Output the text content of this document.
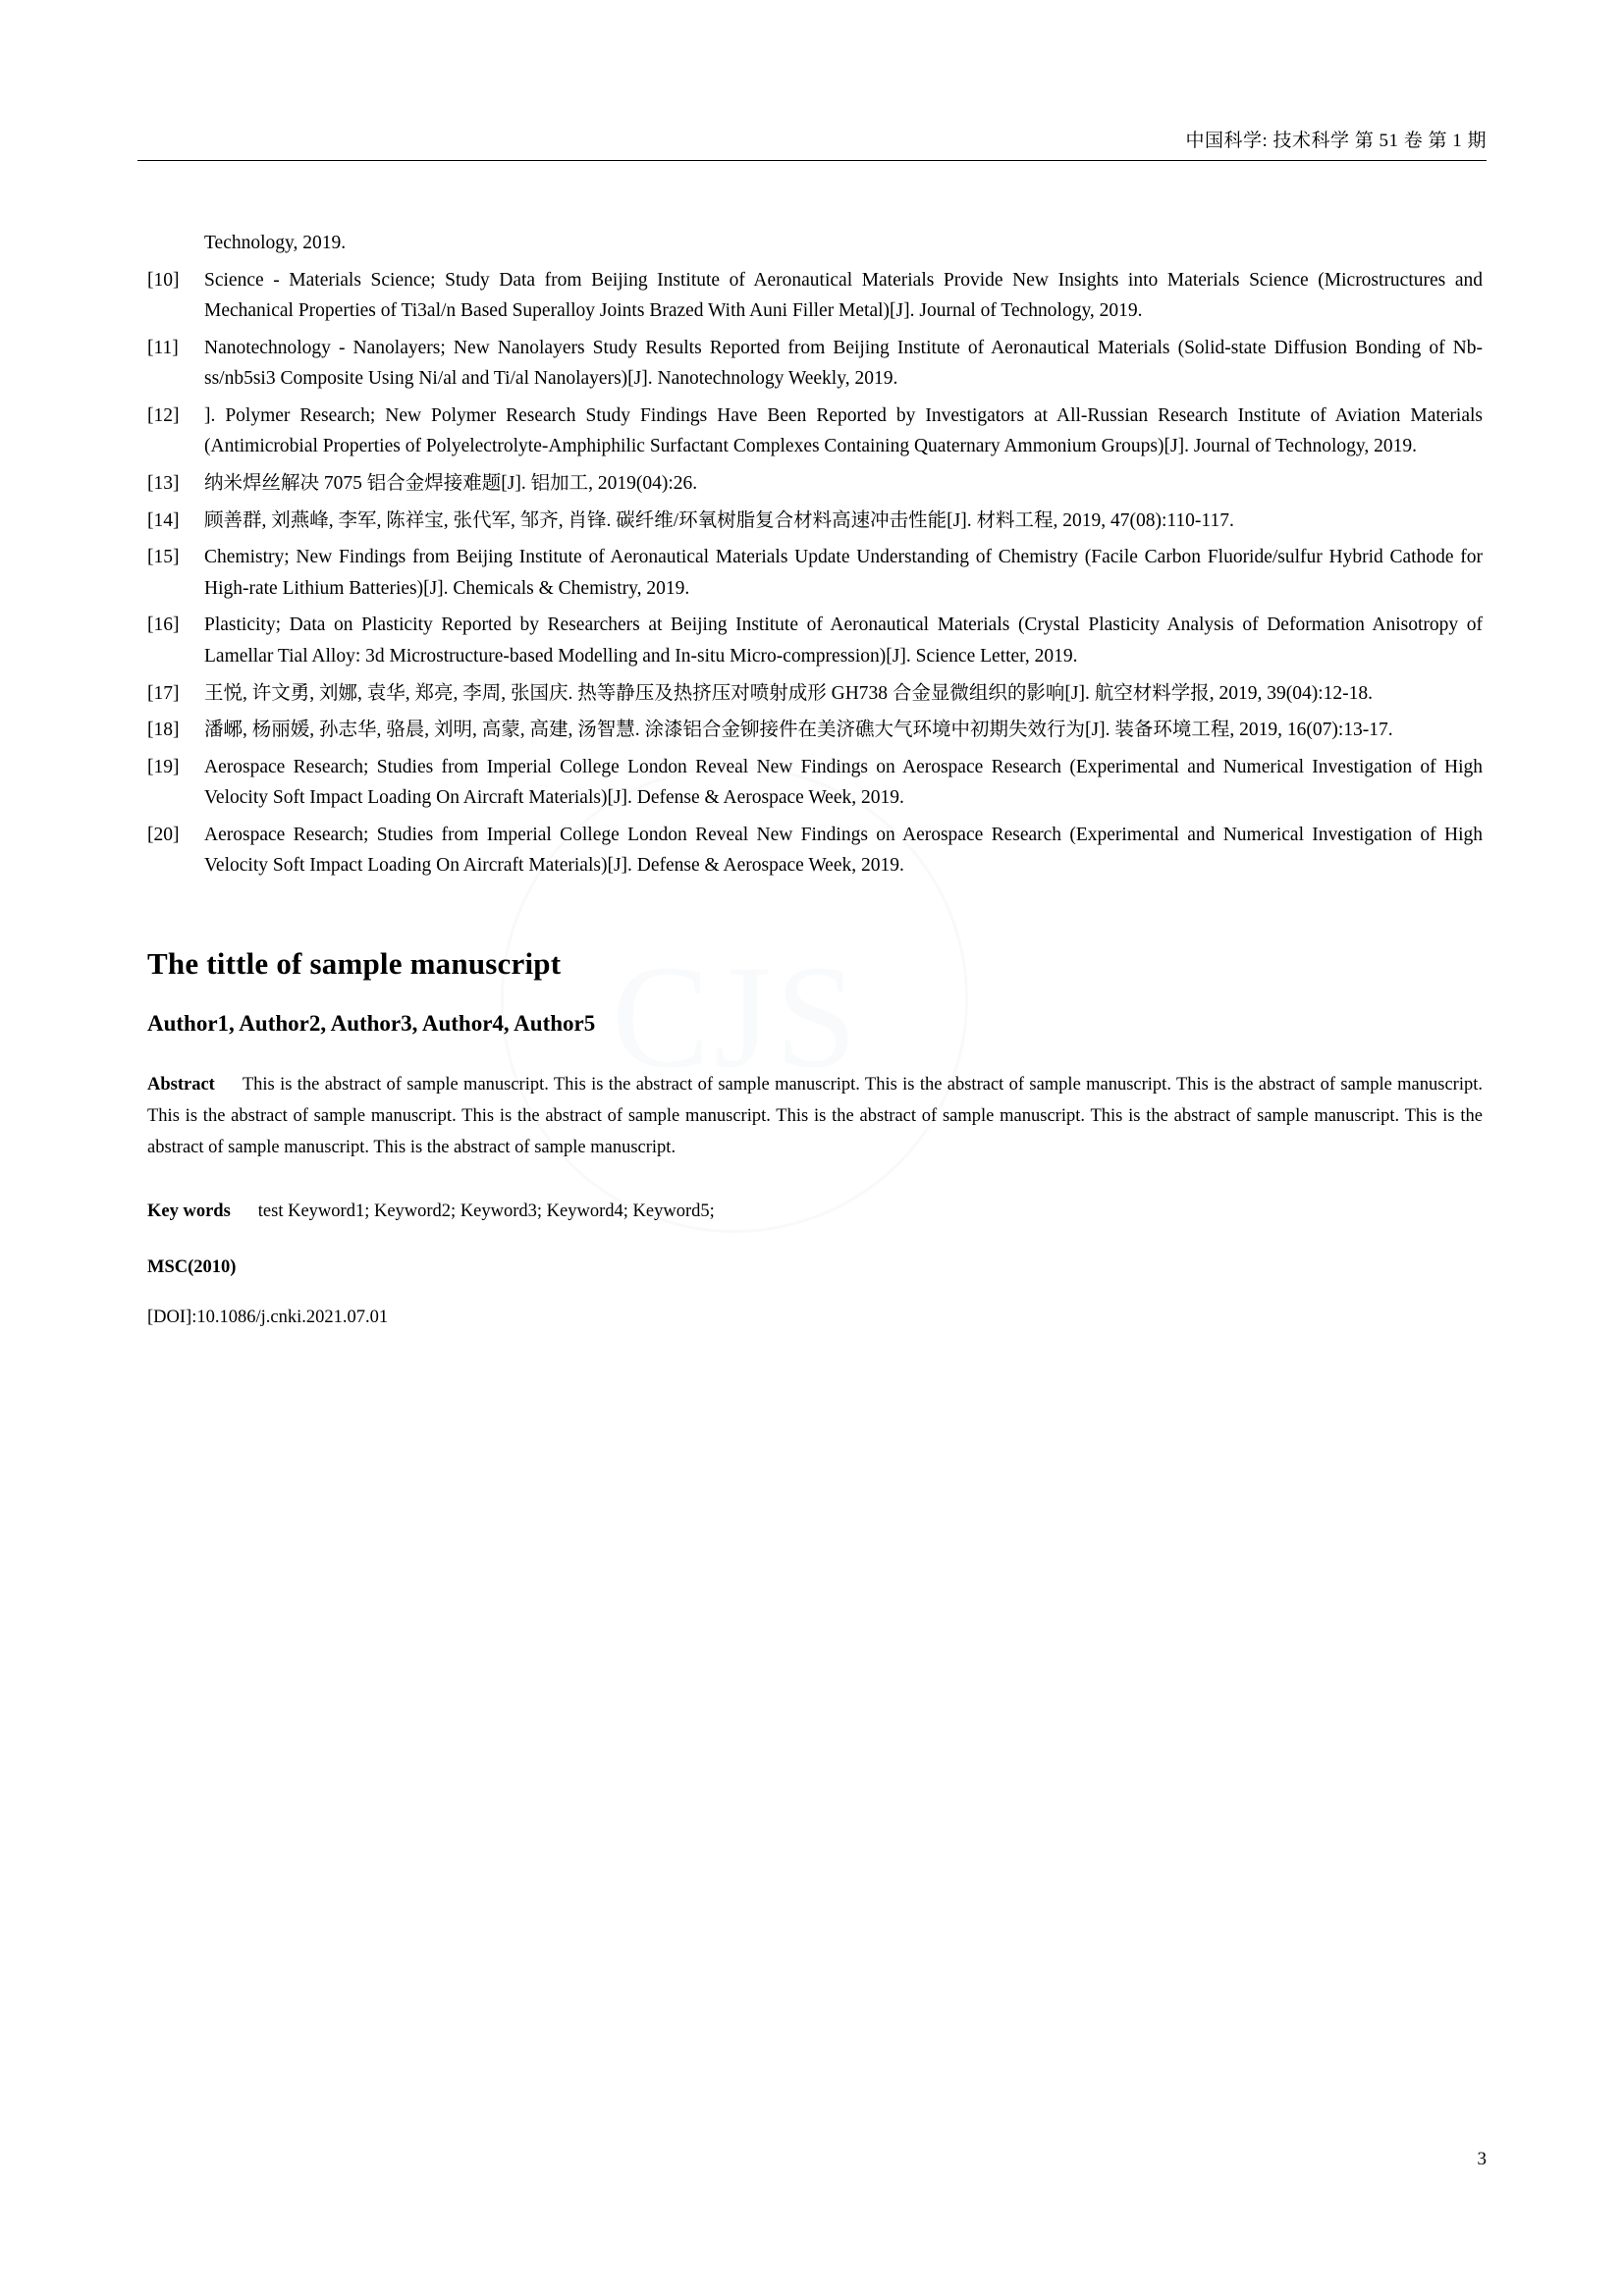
中国科学: 技术科学 第 51 卷 第 1 期
CJS
Technology, 2019.
[10]	Science - Materials Science; Study Data from Beijing Institute of Aeronautical Materials Provide New Insights into Materials Science (Microstructures and Mechanical Properties of Ti3al/n Based Superalloy Joints Brazed With Auni Filler Metal)[J]. Journal of Technology, 2019.
[11]	Nanotechnology - Nanolayers; New Nanolayers Study Results Reported from Beijing Institute of Aeronautical Materials (Solid-state Diffusion Bonding of Nb-ss/nb5si3 Composite Using Ni/al and Ti/al Nanolayers)[J]. Nanotechnology Weekly, 2019.
[12]	]. Polymer Research; New Polymer Research Study Findings Have Been Reported by Investigators at All-Russian Research Institute of Aviation Materials (Antimicrobial Properties of Polyelectrolyte-Amphiphilic Surfactant Complexes Containing Quaternary Ammonium Groups)[J]. Journal of Technology, 2019.
[13]	纳米焊丝解决 7075 铝合金焊接难题[J]. 铝加工, 2019(04):26.
[14]	顾善群, 刘燕峰, 李军, 陈祥宝, 张代军, 邹齐, 肖锋. 碳纤维/环氧树脂复合材料高速冲击性能[J]. 材料工程, 2019, 47(08):110-117.
[15]	Chemistry; New Findings from Beijing Institute of Aeronautical Materials Update Understanding of Chemistry (Facile Carbon Fluoride/sulfur Hybrid Cathode for High-rate Lithium Batteries)[J]. Chemicals & Chemistry, 2019.
[16]	Plasticity; Data on Plasticity Reported by Researchers at Beijing Institute of Aeronautical Materials (Crystal Plasticity Analysis of Deformation Anisotropy of Lamellar Tial Alloy: 3d Microstructure-based Modelling and In-situ Micro-compression)[J]. Science Letter, 2019.
[17]	王悦, 许文勇, 刘娜, 袁华, 郑亮, 李周, 张国庆. 热等静压及热挤压对喷射成形 GH738 合金显微组织的影响[J]. 航空材料学报, 2019, 39(04):12-18.
[18]	潘峫, 杨丽媛, 孙志华, 骆晨, 刘明, 高蒙, 高建, 汤智慧. 涂漆铝合金铆接件在美济礁大气环境中初期失效行为[J]. 装备环境工程, 2019, 16(07):13-17.
[19]	Aerospace Research; Studies from Imperial College London Reveal New Findings on Aerospace Research (Experimental and Numerical Investigation of High Velocity Soft Impact Loading On Aircraft Materials)[J]. Defense & Aerospace Week, 2019.
[20]	Aerospace Research; Studies from Imperial College London Reveal New Findings on Aerospace Research (Experimental and Numerical Investigation of High Velocity Soft Impact Loading On Aircraft Materials)[J]. Defense & Aerospace Week, 2019.
The tittle of sample manuscript
Author1, Author2, Author3, Author4, Author5
Abstract This is the abstract of sample manuscript. This is the abstract of sample manuscript. This is the abstract of sample manuscript. This is the abstract of sample manuscript. This is the abstract of sample manuscript. This is the abstract of sample manuscript. This is the abstract of sample manuscript. This is the abstract of sample manuscript. This is the abstract of sample manuscript. This is the abstract of sample manuscript.
Key words test Keyword1; Keyword2; Keyword3; Keyword4; Keyword5;
MSC(2010)
[DOI]:10.1086/j.cnki.2021.07.01
3
